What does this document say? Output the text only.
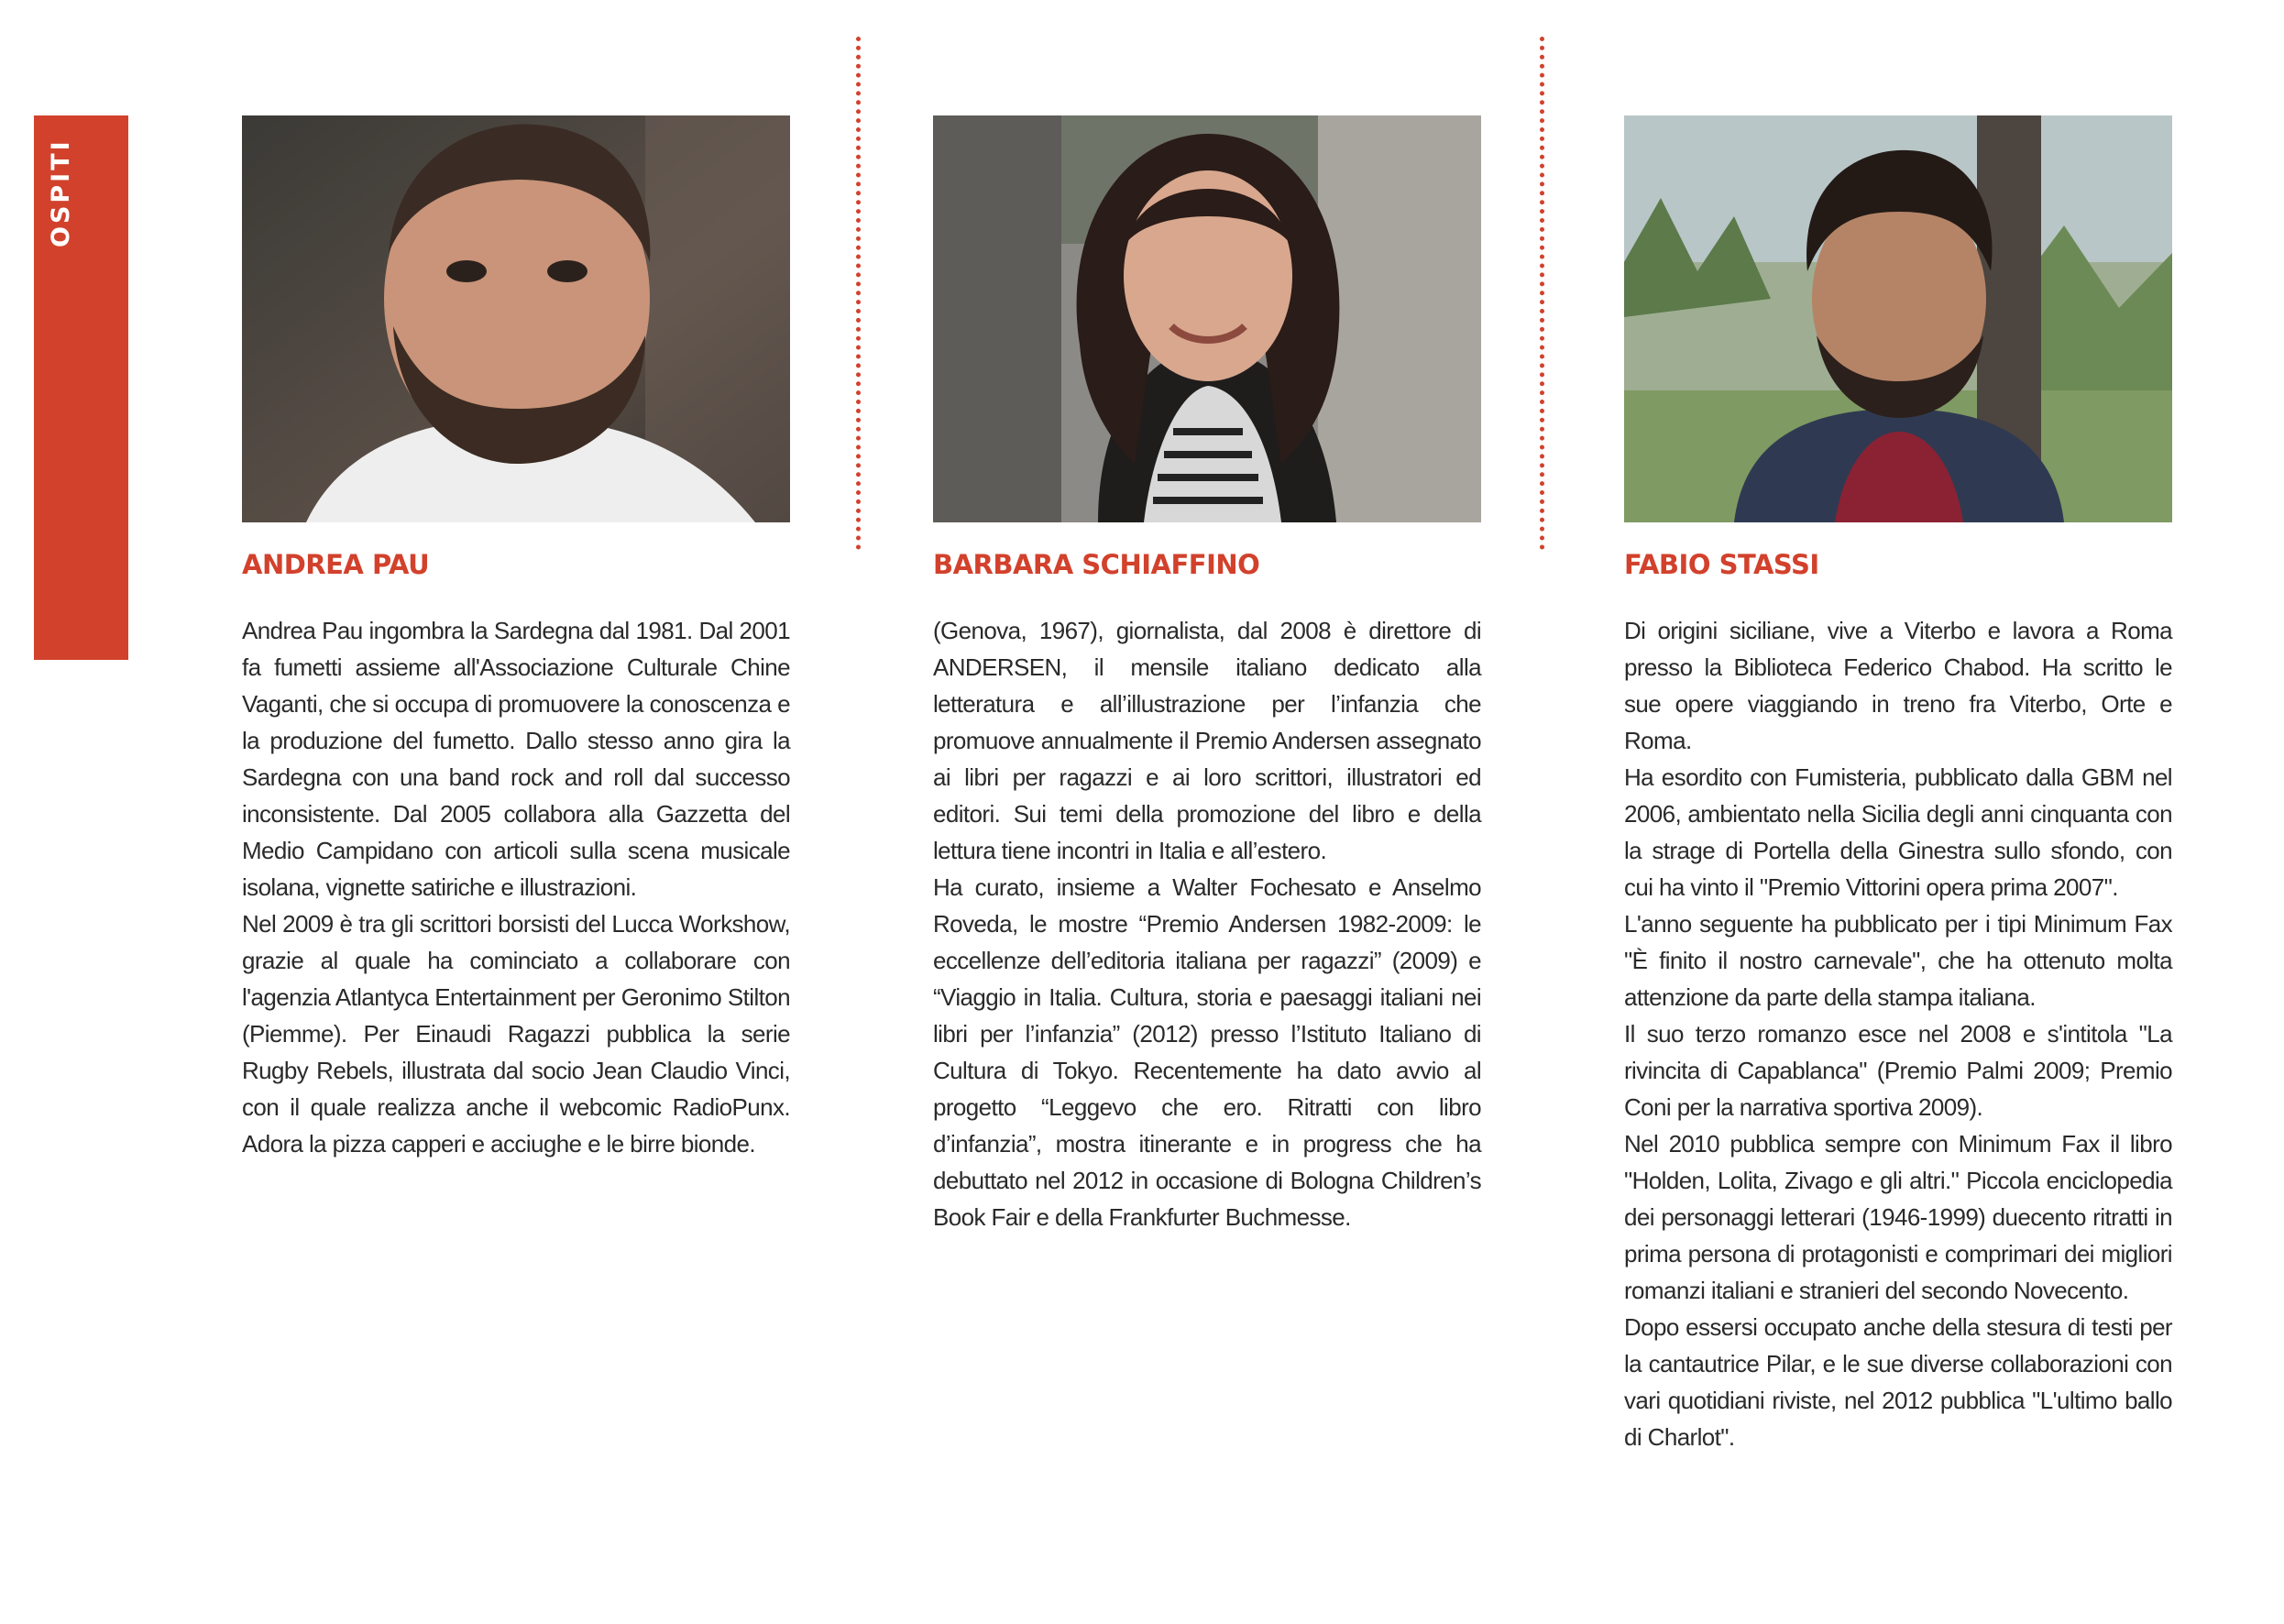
OSPITI
ANDREA PAU

Andrea Pau ingombra la Sardegna dal 1981. Dal 2001 fa fumetti assieme all'Associazione Culturale Chine Vaganti, che si occupa di promuovere la conoscenza e la produzione del fumetto. Dallo stesso anno gira la Sardegna con una band rock and roll dal successo inconsistente. Dal 2005 collabora alla Gazzetta del Medio Campidano con articoli sulla scena musicale isolana, vignette satiriche e illustrazioni.

Nel 2009 è tra gli scrittori borsisti del Lucca Workshow, grazie al quale ha cominciato a collaborare con l'agenzia Atlantyca Entertainment per Geronimo Stilton (Piemme). Per Einaudi Ragazzi pubblica la serie Rugby Rebels, illustrata dal socio Jean Claudio Vinci, con il quale realizza anche il webcomic RadioPunx. Adora la pizza capperi e acciughe e le birre bionde.

BARBARA SCHIAFFINO

(Genova, 1967), giornalista, dal 2008 è direttore di ANDERSEN, il mensile italiano dedicato alla letteratura e all’illustrazione per l’infanzia che promuove annualmente il Premio Andersen assegnato ai libri per ragazzi e ai loro scrittori, illustratori ed editori. Sui temi della promozione del libro e della lettura tiene incontri in Italia e all’estero.

Ha curato, insieme a Walter Fochesato e Anselmo Roveda, le mostre “Premio Andersen 1982-2009: le eccellenze dell’editoria italiana per ragazzi” (2009) e “Viaggio in Italia. Cultura, storia e paesaggi italiani nei libri per l’infanzia” (2012) presso l’Istituto Italiano di Cultura di Tokyo. Recentemente ha dato avvio al progetto “Leggevo che ero. Ritratti con libro d’infanzia”, mostra itinerante e in progress che ha debuttato nel 2012 in occasione di Bologna Children’s Book Fair e della Frankfurter Buchmesse.

FABIO STASSI

Di origini siciliane, vive a Viterbo e lavora a Roma presso la Biblioteca Federico Chabod. Ha scritto le sue opere viaggiando in treno fra Viterbo, Orte e Roma.

Ha esordito con Fumisteria, pubblicato dalla GBM nel 2006, ambientato nella Sicilia degli anni cinquanta con la strage di Portella della Ginestra sullo sfondo, con cui ha vinto il "Premio Vittorini opera prima 2007".

L'anno seguente ha pubblicato per i tipi Minimum Fax "È finito il nostro carnevale", che ha ottenuto molta attenzione da parte della stampa italiana.

Il suo terzo romanzo esce nel 2008 e s'intitola "La rivincita di Capablanca" (Premio Palmi 2009; Premio Coni per la narrativa sportiva 2009).

Nel 2010 pubblica sempre con Minimum Fax il libro "Holden, Lolita, Zivago e gli altri." Piccola enciclopedia dei personaggi letterari (1946-1999) duecento ritratti in prima persona di protagonisti e comprimari dei migliori romanzi italiani e stranieri del secondo Novecento.

Dopo essersi occupato anche della stesura di testi per la cantautrice Pilar, e le sue diverse collaborazioni con vari quotidiani riviste, nel 2012 pubblica "L'ultimo ballo di Charlot".
